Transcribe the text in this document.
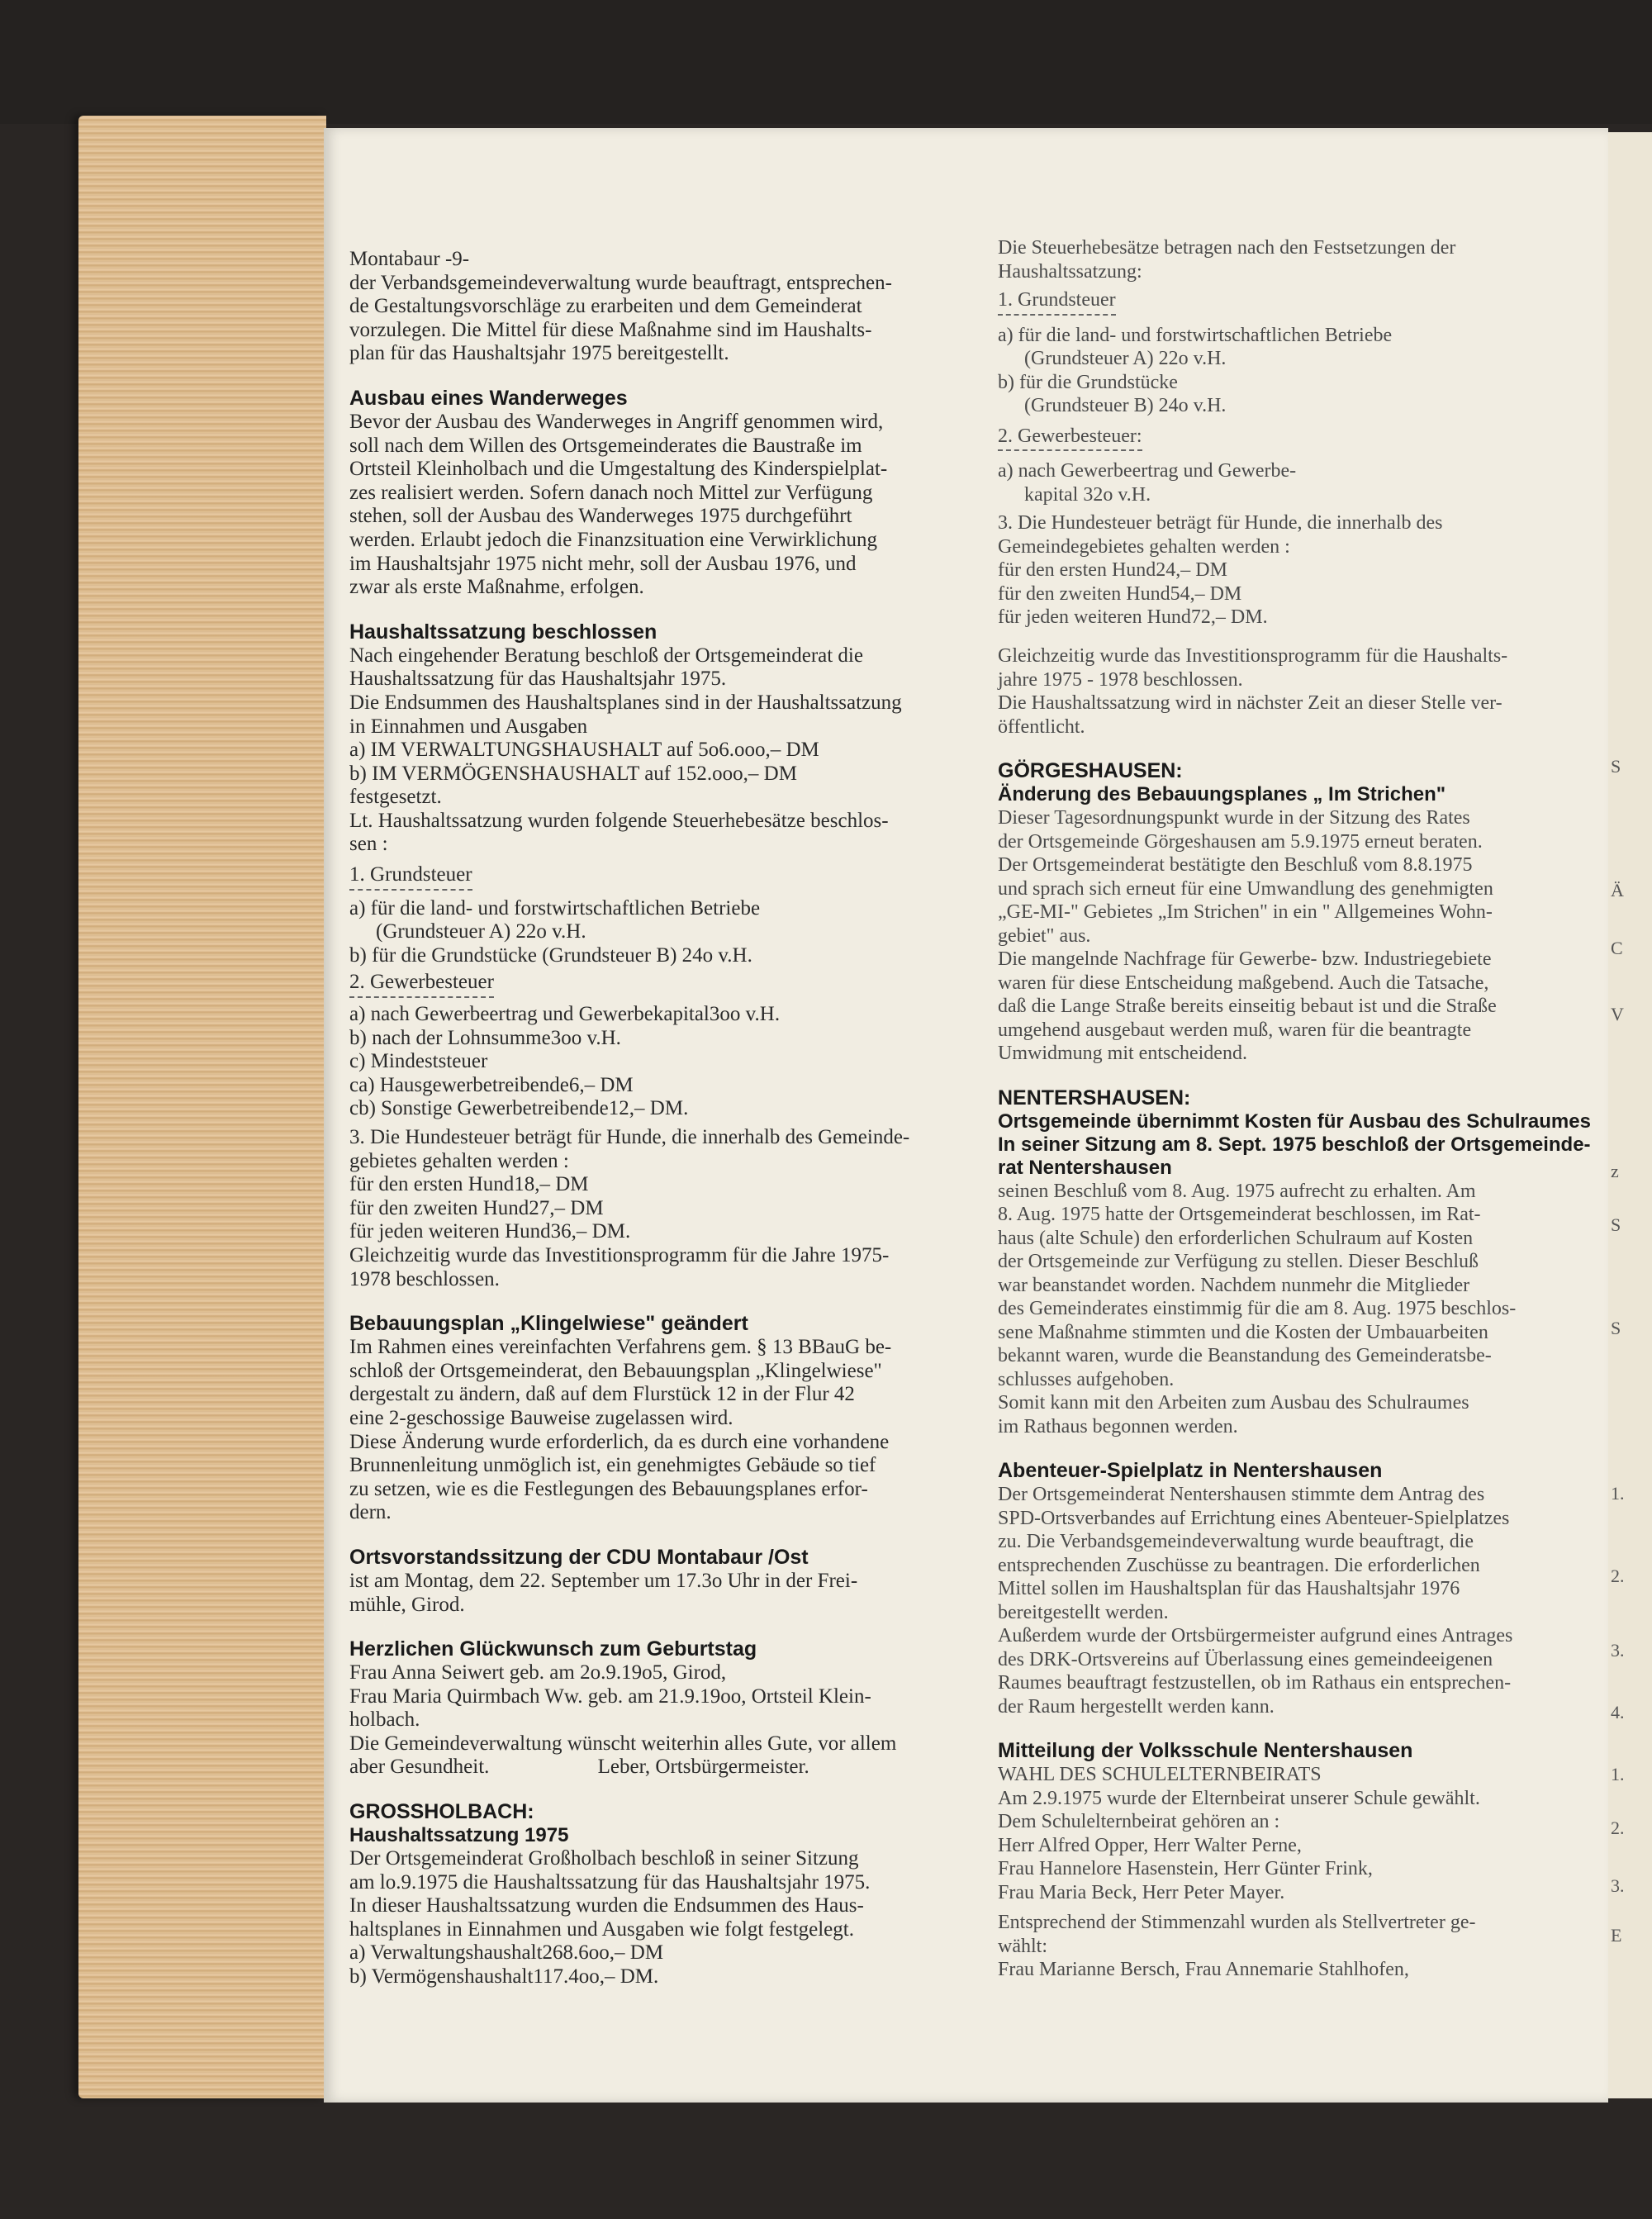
Montabaur -9-

der Verbandsgemeindeverwaltung wurde beauftragt, entsprechen-
de Gestaltungsvorschläge zu erarbeiten und dem Gemeinderat
vorzulegen. Die Mittel für diese Maßnahme sind im Haushalts-
plan für das Haushaltsjahr 1975 bereitgestellt.

Ausbau eines Wanderweges

Bevor der Ausbau des Wanderweges in Angriff genommen wird,
soll nach dem Willen des Ortsgemeinderates die Baustraße im
Ortsteil Kleinholbach und die Umgestaltung des Kinderspielplat-
zes realisiert werden. Sofern danach noch Mittel zur Verfügung
stehen, soll der Ausbau des Wanderweges 1975 durchgeführt
werden. Erlaubt jedoch die Finanzsituation eine Verwirklichung
im Haushaltsjahr 1975 nicht mehr, soll der Ausbau 1976, und
zwar als erste Maßnahme, erfolgen.

Haushaltssatzung beschlossen

Nach eingehender Beratung beschloß der Ortsgemeinderat die
Haushaltssatzung für das Haushaltsjahr 1975.
Die Endsummen des Haushaltsplanes sind in der Haushaltssatzung
in Einnahmen und Ausgaben

a) IM VERWALTUNGSHAUSHALT auf 5o6.ooo,– DM

b) IM VERMÖGENSHAUSHALT auf 152.ooo,– DM

festgesetzt.
Lt. Haushaltssatzung wurden folgende Steuerhebesätze beschlos-
sen :

1. Grundsteuer

a) für die land- und forstwirtschaftlichen Betriebe

(Grundsteuer A) 22o v.H.
b) für die Grundstücke (Grundsteuer B) 24o v.H.

2. Gewerbesteuer

a) nach Gewerbeertrag und Gewerbekapital3oo v.H.
b) nach der Lohnsumme3oo v.H.
c) Mindeststeuer
ca) Hausgewerbetreibende6,– DM
cb) Sonstige Gewerbetreibende12,– DM.

3. Die Hundesteuer beträgt für Hunde, die innerhalb des Gemeinde-
gebietes gehalten werden :

für den ersten Hund18,– DM
für den zweiten Hund27,– DM
für jeden weiteren Hund36,– DM.

Gleichzeitig wurde das Investitionsprogramm für die Jahre 1975-
1978 beschlossen.

Bebauungsplan „Klingelwiese" geändert

Im Rahmen eines vereinfachten Verfahrens gem. § 13 BBauG be-
schloß der Ortsgemeinderat, den Bebauungsplan „Klingelwiese"
dergestalt zu ändern, daß auf dem Flurstück 12 in der Flur 42
eine 2-geschossige Bauweise zugelassen wird.
Diese Änderung wurde erforderlich, da es durch eine vorhandene
Brunnenleitung unmöglich ist, ein genehmigtes Gebäude so tief
zu setzen, wie es die Festlegungen des Bebauungsplanes erfor-
dern.

Ortsvorstandssitzung der CDU Montabaur /Ost

ist am Montag, dem 22. September um 17.3o Uhr in der Frei-
mühle, Girod.

Herzlichen Glückwunsch zum Geburtstag

Frau Anna Seiwert geb. am 2o.9.19o5, Girod,
Frau Maria Quirmbach Ww. geb. am 21.9.19oo, Ortsteil Klein-
holbach.
Die Gemeindeverwaltung wünscht weiterhin alles Gute, vor allem
aber Gesundheit.                     Leber, Ortsbürgermeister.

GROSSHOLBACH:
Haushaltssatzung 1975

Der Ortsgemeinderat Großholbach beschloß in seiner Sitzung
am lo.9.1975 die Haushaltssatzung für das Haushaltsjahr 1975.
In dieser Haushaltssatzung wurden die Endsummen des Haus-
haltsplanes in Einnahmen und Ausgaben wie folgt festgelegt.

a) Verwaltungshaushalt268.6oo,– DM
b) Vermögenshaushalt117.4oo,– DM.

Die Steuerhebesätze betragen nach den Festsetzungen der
Haushaltssatzung:

1. Grundsteuer

a) für die land- und forstwirtschaftlichen Betriebe

(Grundsteuer A) 22o v.H.

b) für die Grundstücke

(Grundsteuer B) 24o v.H.

2. Gewerbesteuer:

a) nach Gewerbeertrag und Gewerbe-

kapital 32o v.H.

3. Die Hundesteuer beträgt für Hunde, die innerhalb des
Gemeindegebietes gehalten werden :

für den ersten Hund24,– DM
für den zweiten Hund54,– DM
für jeden weiteren Hund72,– DM.

Gleichzeitig wurde das Investitionsprogramm für die Haushalts-
jahre 1975 - 1978 beschlossen.
Die Haushaltssatzung wird in nächster Zeit an dieser Stelle ver-
öffentlicht.

GÖRGESHAUSEN:
Änderung des Bebauungsplanes „ Im Strichen"

Dieser Tagesordnungspunkt wurde in der Sitzung des Rates
der Ortsgemeinde Görgeshausen am 5.9.1975 erneut beraten.
Der Ortsgemeinderat bestätigte den Beschluß vom 8.8.1975
und sprach sich erneut für eine Umwandlung des genehmigten
„GE-MI-" Gebietes „Im Strichen" in ein " Allgemeines Wohn-
gebiet" aus.
Die mangelnde Nachfrage für Gewerbe- bzw. Industriegebiete
waren für diese Entscheidung maßgebend. Auch die Tatsache,
daß die Lange Straße bereits einseitig bebaut ist und die Straße
umgehend ausgebaut werden muß, waren für die beantragte
Umwidmung mit entscheidend.

NENTERSHAUSEN:
Ortsgemeinde übernimmt Kosten für Ausbau des Schulraumes
In seiner Sitzung am 8. Sept. 1975 beschloß der Ortsgemeinde-
rat Nentershausen

seinen Beschluß vom 8. Aug. 1975 aufrecht zu erhalten. Am
8. Aug. 1975 hatte der Ortsgemeinderat beschlossen, im Rat-
haus (alte Schule) den erforderlichen Schulraum auf Kosten
der Ortsgemeinde zur Verfügung zu stellen. Dieser Beschluß
war beanstandet worden. Nachdem nunmehr die Mitglieder
des Gemeinderates einstimmig für die am 8. Aug. 1975 beschlos-
sene Maßnahme stimmten und die Kosten der Umbauarbeiten
bekannt waren, wurde die Beanstandung des Gemeinderatsbe-
schlusses aufgehoben.
Somit kann mit den Arbeiten zum Ausbau des Schulraumes
im Rathaus begonnen werden.

Abenteuer-Spielplatz in Nentershausen

Der Ortsgemeinderat Nentershausen stimmte dem Antrag des
SPD-Ortsverbandes auf Errichtung eines Abenteuer-Spielplatzes
zu. Die Verbandsgemeindeverwaltung wurde beauftragt, die
entsprechenden Zuschüsse zu beantragen. Die erforderlichen
Mittel sollen im Haushaltsplan für das Haushaltsjahr 1976
bereitgestellt werden.
Außerdem wurde der Ortsbürgermeister aufgrund eines Antrages
des DRK-Ortsvereins auf Überlassung eines gemeindeeigenen
Raumes beauftragt festzustellen, ob im Rathaus ein entsprechen-
der Raum hergestellt werden kann.

Mitteilung der Volksschule Nentershausen

WAHL DES SCHULELTERNBEIRATS
Am 2.9.1975 wurde der Elternbeirat unserer Schule gewählt.
Dem Schulelternbeirat gehören an :
Herr Alfred Opper, Herr Walter Perne,
Frau Hannelore Hasenstein, Herr Günter Frink,
Frau Maria Beck, Herr Peter Mayer.

Entsprechend der Stimmenzahl wurden als Stellvertreter ge-
wählt:
Frau Marianne Bersch, Frau Annemarie Stahlhofen,

S
Ä
C
V
z
S
S
1.
2.
3.
4.
1.
2.
3.
E
